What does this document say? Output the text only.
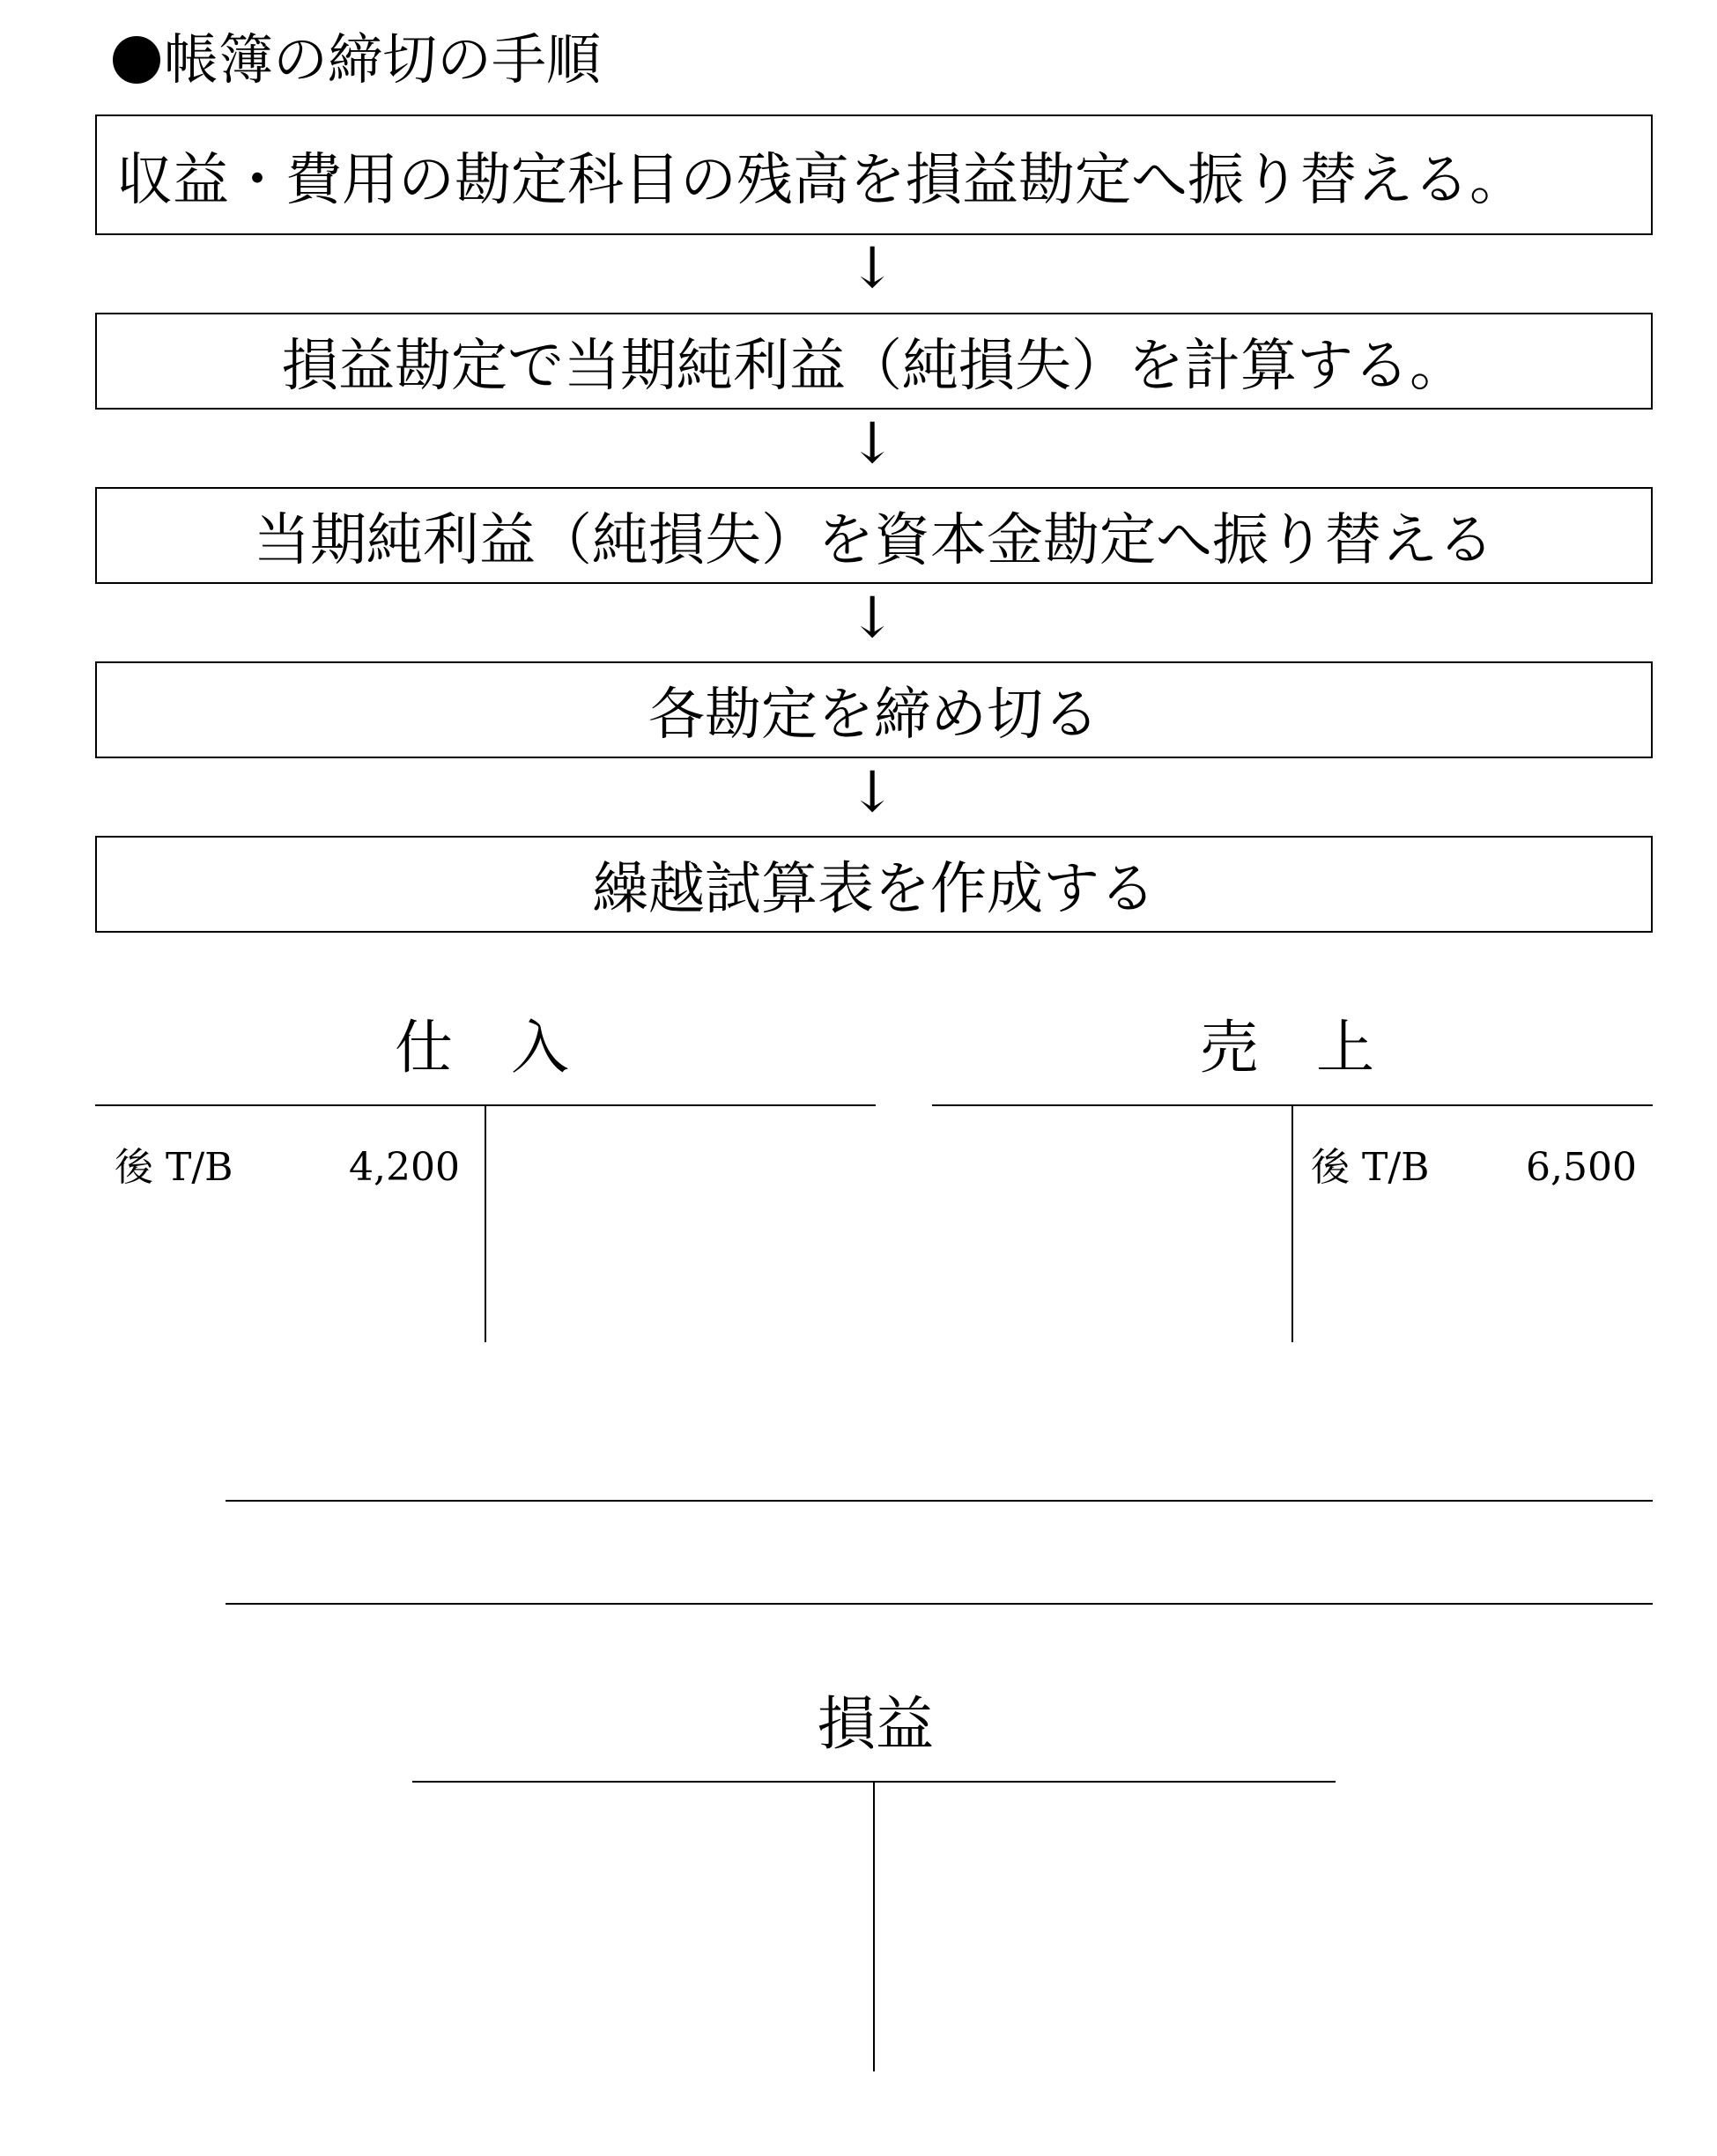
帳簿の締切の手順
収益・費用の勘定科目の残高を損益勘定へ振り替える。
↓
損益勘定で当期純利益（純損失）を計算する。
↓
当期純利益（純損失）を資本金勘定へ振り替える
↓
各勘定を締め切る
↓
繰越試算表を作成する
仕　入
後 T/B	4,200
売　上
後 T/B	6,500
損益
